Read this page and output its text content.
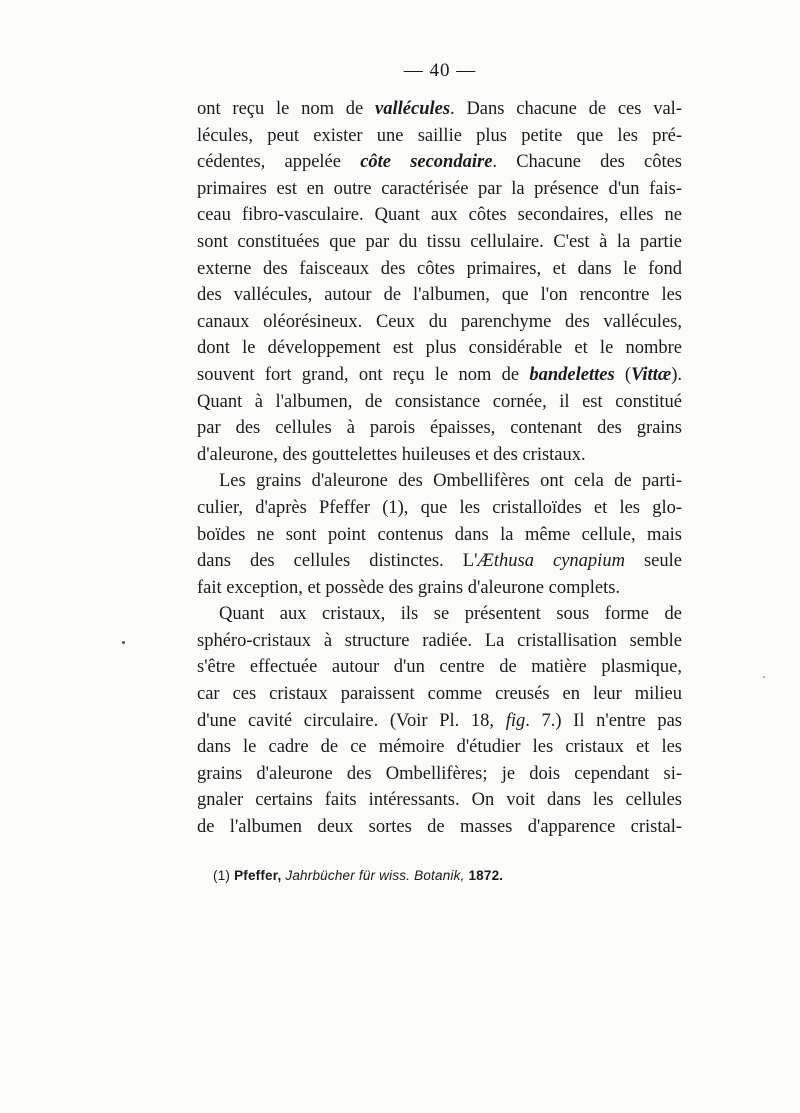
— 40 —
ont reçu le nom de vallécules. Dans chacune de ces val-
lécules, peut exister une saillie plus petite que les pré-
cédentes, appelée côte secondaire. Chacune des côtes
primaires est en outre caractérisée par la présence d'un fais-
ceau fibro-vasculaire. Quant aux côtes secondaires, elles ne
sont constituées que par du tissu cellulaire. C'est à la partie
externe des faisceaux des côtes primaires, et dans le fond
des vallécules, autour de l'albumen, que l'on rencontre les
canaux oléorésineux. Ceux du parenchyme des vallécules,
dont le développement est plus considérable et le nombre
souvent fort grand, ont reçu le nom de bandelettes (Vittæ).
Quant à l'albumen, de consistance cornée, il est constitué
par des cellules à parois épaisses, contenant des grains
d'aleurone, des gouttelettes huileuses et des cristaux.
Les grains d'aleurone des Ombellifères ont cela de parti-
culier, d'après Pfeffer (1), que les cristalloïdes et les glo-
boïdes ne sont point contenus dans la même cellule, mais
dans des cellules distinctes. L'Æthusa cynapium seule
fait exception, et possède des grains d'aleurone complets.
Quant aux cristaux, ils se présentent sous forme de
sphéro-cristaux à structure radiée. La cristallisation semble
s'être effectuée autour d'un centre de matière plasmique,
car ces cristaux paraissent comme creusés en leur milieu
d'une cavité circulaire. (Voir Pl. 18, fig. 7.) Il n'entre pas
dans le cadre de ce mémoire d'étudier les cristaux et les
grains d'aleurone des Ombellifères; je dois cependant si-
gnaler certains faits intéressants. On voit dans les cellules
de l'albumen deux sortes de masses d'apparence cristal-
(1) Pfeffer, Jahrbücher für wiss. Botanik, 1872.
